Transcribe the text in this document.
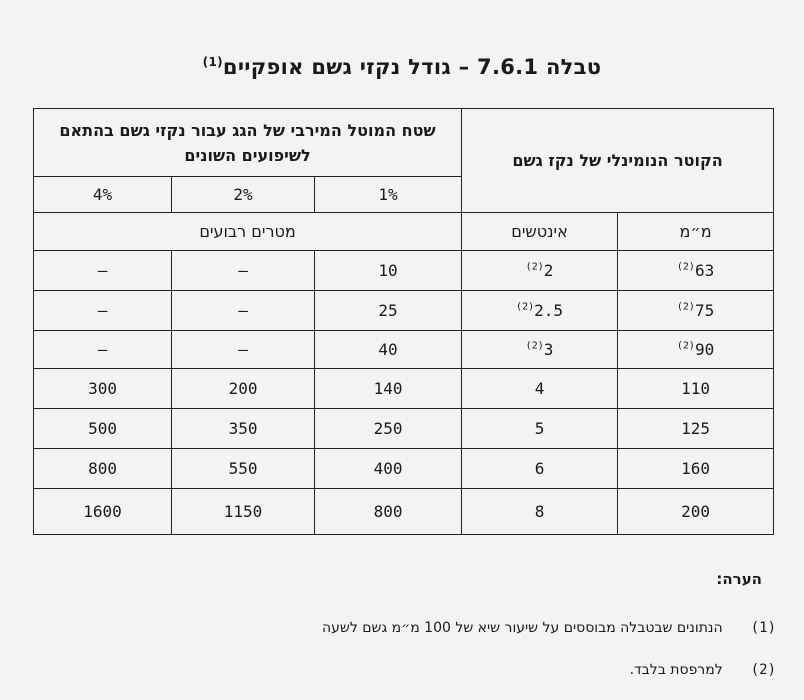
טבלה 7.6.1 – גודל נקזי גשם אופקיים$^{(1)}$
הקוטר הנומינלי של נקז גשם		שטח המוטל המירבי של הגג עבור נקזי גשם בהתאם לשיפועים השונים		
		1%	2%	4%
מ״מ	אינטשים	מטרים רבועים		
63$^{(2)}$	2$^{(2)}$	10	—	—
75$^{(2)}$	2.5$^{(2)}$	25	—	—
90$^{(2)}$	3$^{(2)}$	40	—	—
110	4	140	200	300
125	5	250	350	500
160	6	400	550	800
200	8	800	1150	1600
הערה:
(1)
הנתונים שבטבלה מבוססים על שיעור שיא של 100 מ״מ גשם לשעה
(2)
למרפסת בלבד.
